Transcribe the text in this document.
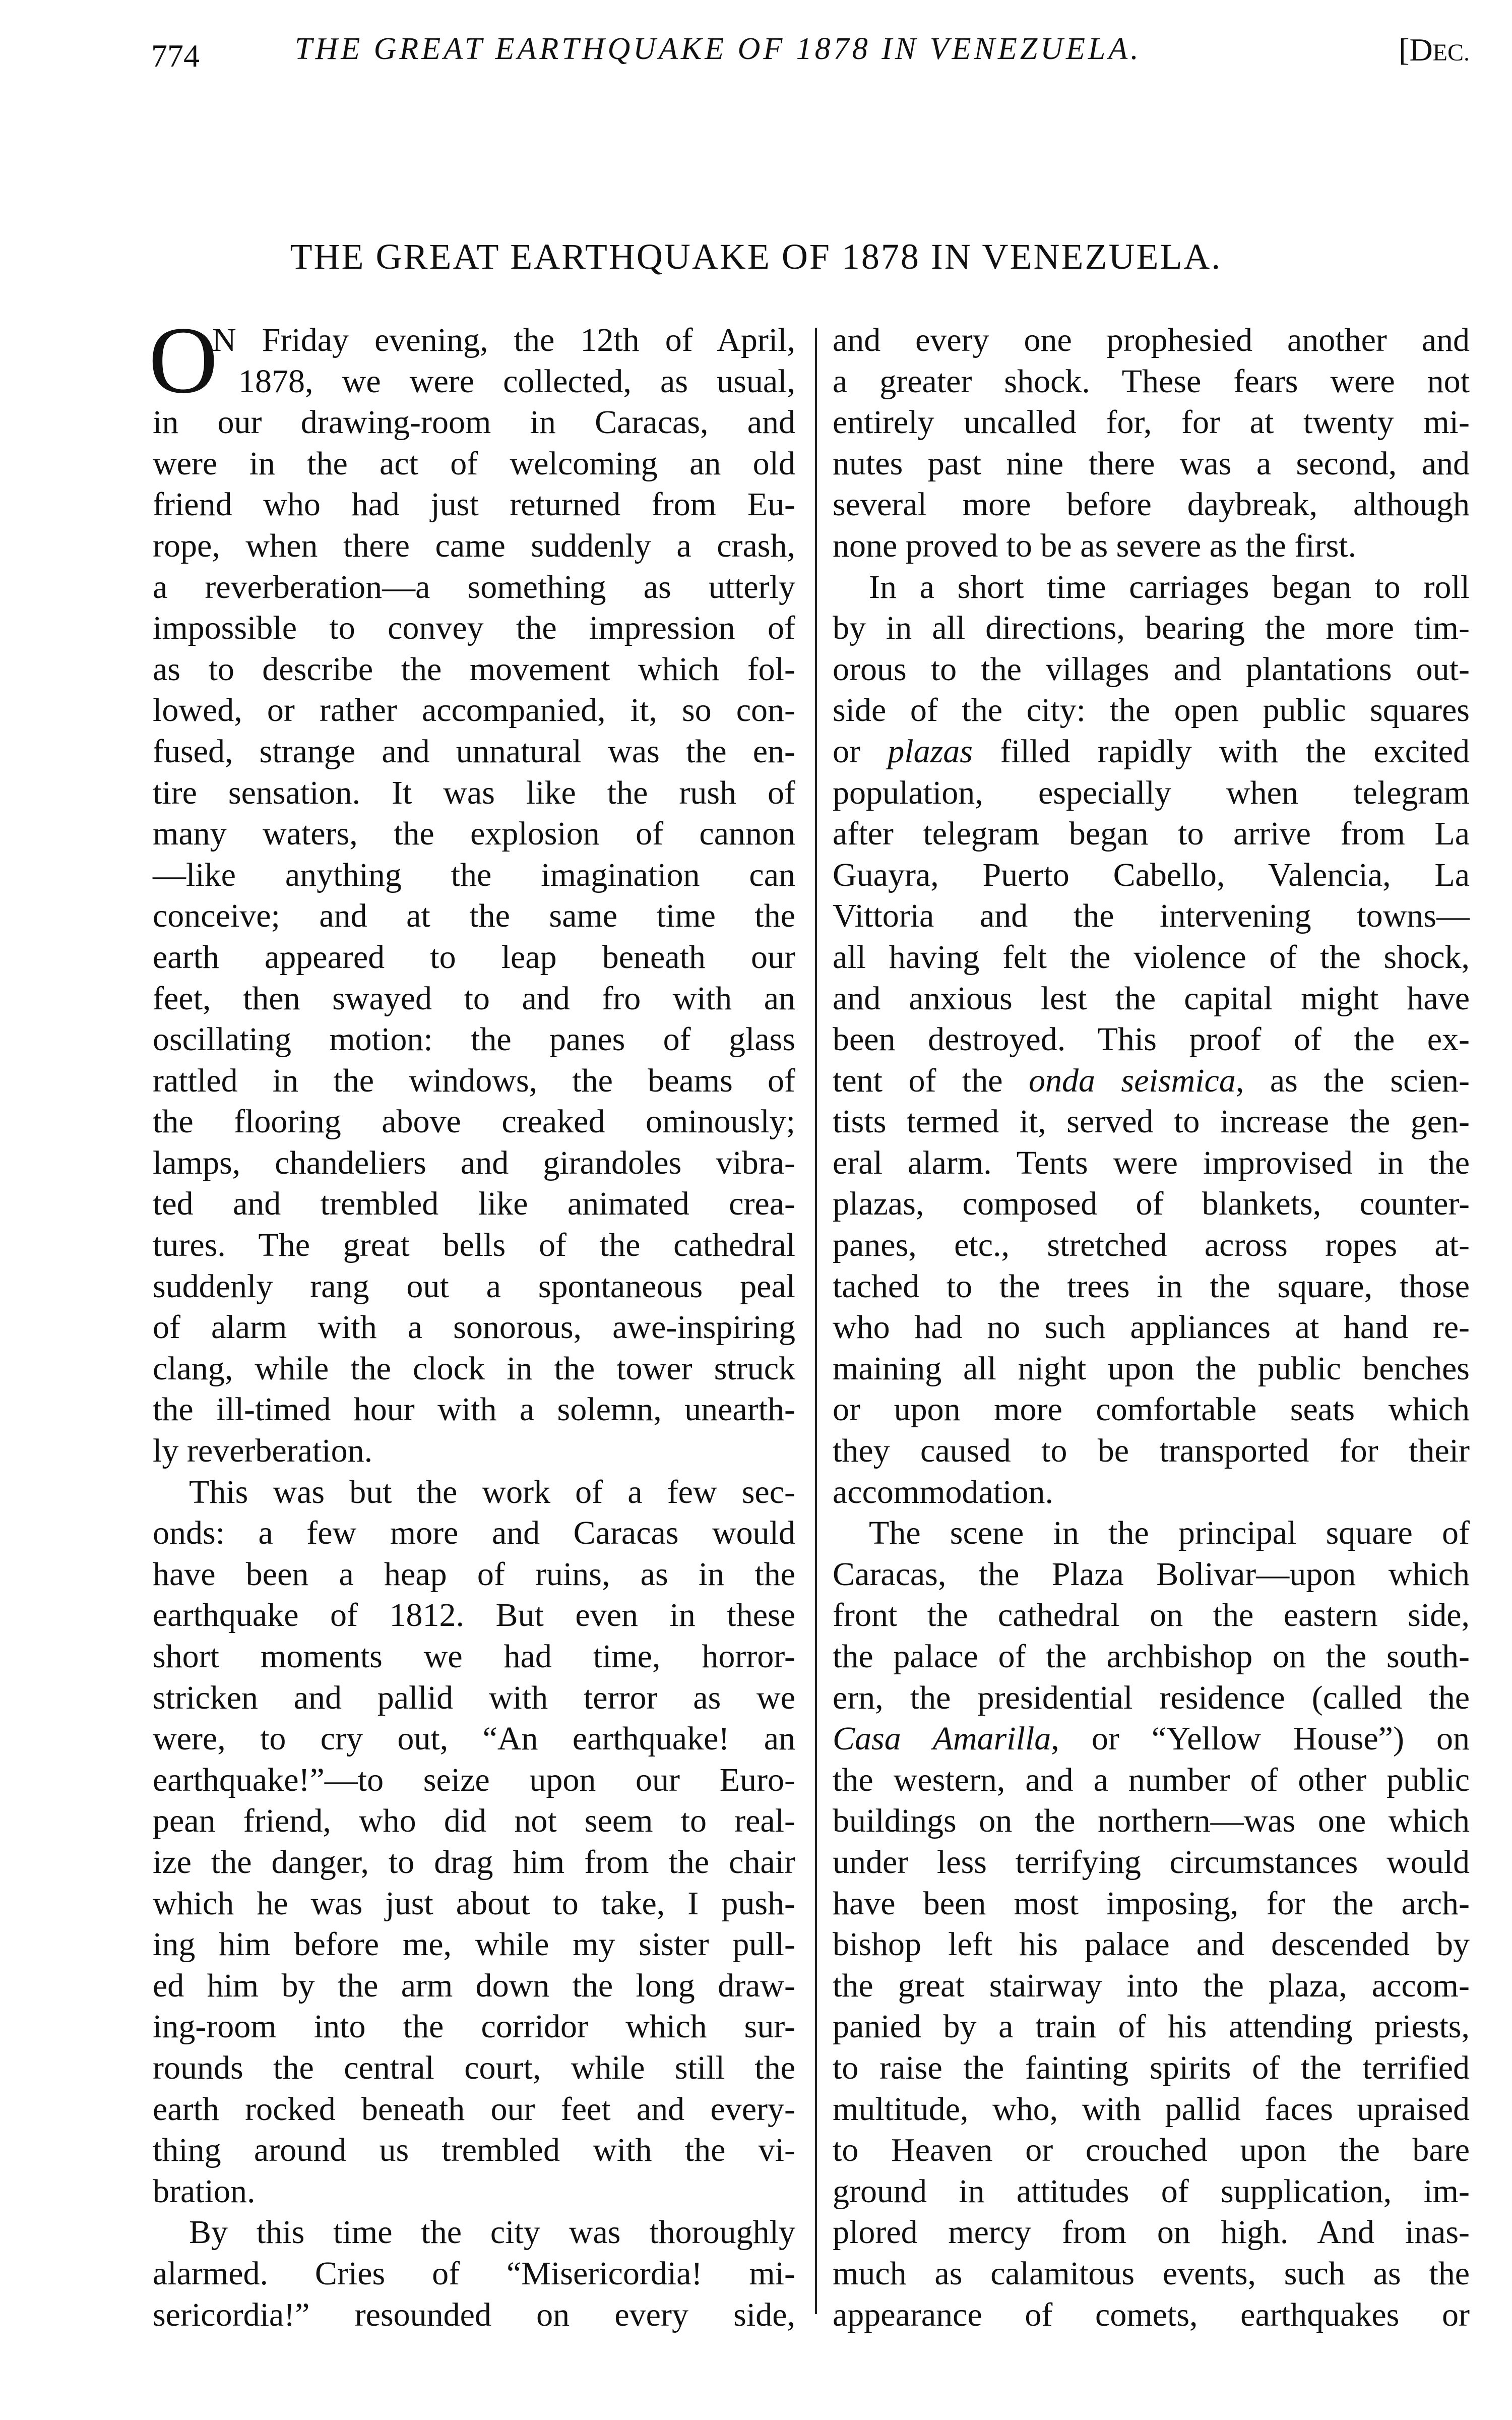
774	THE GREAT EARTHQUAKE OF 1878 IN VENEZUELA.	[DEC.
THE GREAT EARTHQUAKE OF 1878 IN VENEZUELA.
O
N Friday evening, the 12th of April,
1878, we were collected, as usual,
in our drawing-room in Caracas, and
were in the act of welcoming an old
friend who had just returned from Eu-
rope, when there came suddenly a crash,
a reverberation—a something as utterly
impossible to convey the impression of
as to describe the movement which fol-
lowed, or rather accompanied, it, so con-
fused, strange and unnatural was the en-
tire sensation. It was like the rush of
many waters, the explosion of cannon
—like anything the imagination can
conceive; and at the same time the
earth appeared to leap beneath our
feet, then swayed to and fro with an
oscillating motion: the panes of glass
rattled in the windows, the beams of
the flooring above creaked ominously;
lamps, chandeliers and girandoles vibra-
ted and trembled like animated crea-
tures. The great bells of the cathedral
suddenly rang out a spontaneous peal
of alarm with a sonorous, awe-inspiring
clang, while the clock in the tower struck
the ill-timed hour with a solemn, unearth-
ly reverberation.
This was but the work of a few sec-
onds: a few more and Caracas would
have been a heap of ruins, as in the
earthquake of 1812. But even in these
short moments we had time, horror-
stricken and pallid with terror as we
were, to cry out, “An earthquake! an
earthquake!”—to seize upon our Euro-
pean friend, who did not seem to real-
ize the danger, to drag him from the chair
which he was just about to take, I push-
ing him before me, while my sister pull-
ed him by the arm down the long draw-
ing-room into the corridor which sur-
rounds the central court, while still the
earth rocked beneath our feet and every-
thing around us trembled with the vi-
bration.
By this time the city was thoroughly
alarmed. Cries of “Misericordia! mi-
sericordia!” resounded on every side,
and every one prophesied another and
a greater shock. These fears were not
entirely uncalled for, for at twenty mi-
nutes past nine there was a second, and
several more before daybreak, although
none proved to be as severe as the first.
In a short time carriages began to roll
by in all directions, bearing the more tim-
orous to the villages and plantations out-
side of the city: the open public squares
or plazas filled rapidly with the excited
population, especially when telegram
after telegram began to arrive from La
Guayra, Puerto Cabello, Valencia, La
Vittoria and the intervening towns—
all having felt the violence of the shock,
and anxious lest the capital might have
been destroyed. This proof of the ex-
tent of the onda seismica, as the scien-
tists termed it, served to increase the gen-
eral alarm. Tents were improvised in the
plazas, composed of blankets, counter-
panes, etc., stretched across ropes at-
tached to the trees in the square, those
who had no such appliances at hand re-
maining all night upon the public benches
or upon more comfortable seats which
they caused to be transported for their
accommodation.
The scene in the principal square of
Caracas, the Plaza Bolivar—upon which
front the cathedral on the eastern side,
the palace of the archbishop on the south-
ern, the presidential residence (called the
Casa Amarilla, or “Yellow House”) on
the western, and a number of other public
buildings on the northern—was one which
under less terrifying circumstances would
have been most imposing, for the arch-
bishop left his palace and descended by
the great stairway into the plaza, accom-
panied by a train of his attending priests,
to raise the fainting spirits of the terrified
multitude, who, with pallid faces upraised
to Heaven or crouched upon the bare
ground in attitudes of supplication, im-
plored mercy from on high. And inas-
much as calamitous events, such as the
appearance of comets, earthquakes or
